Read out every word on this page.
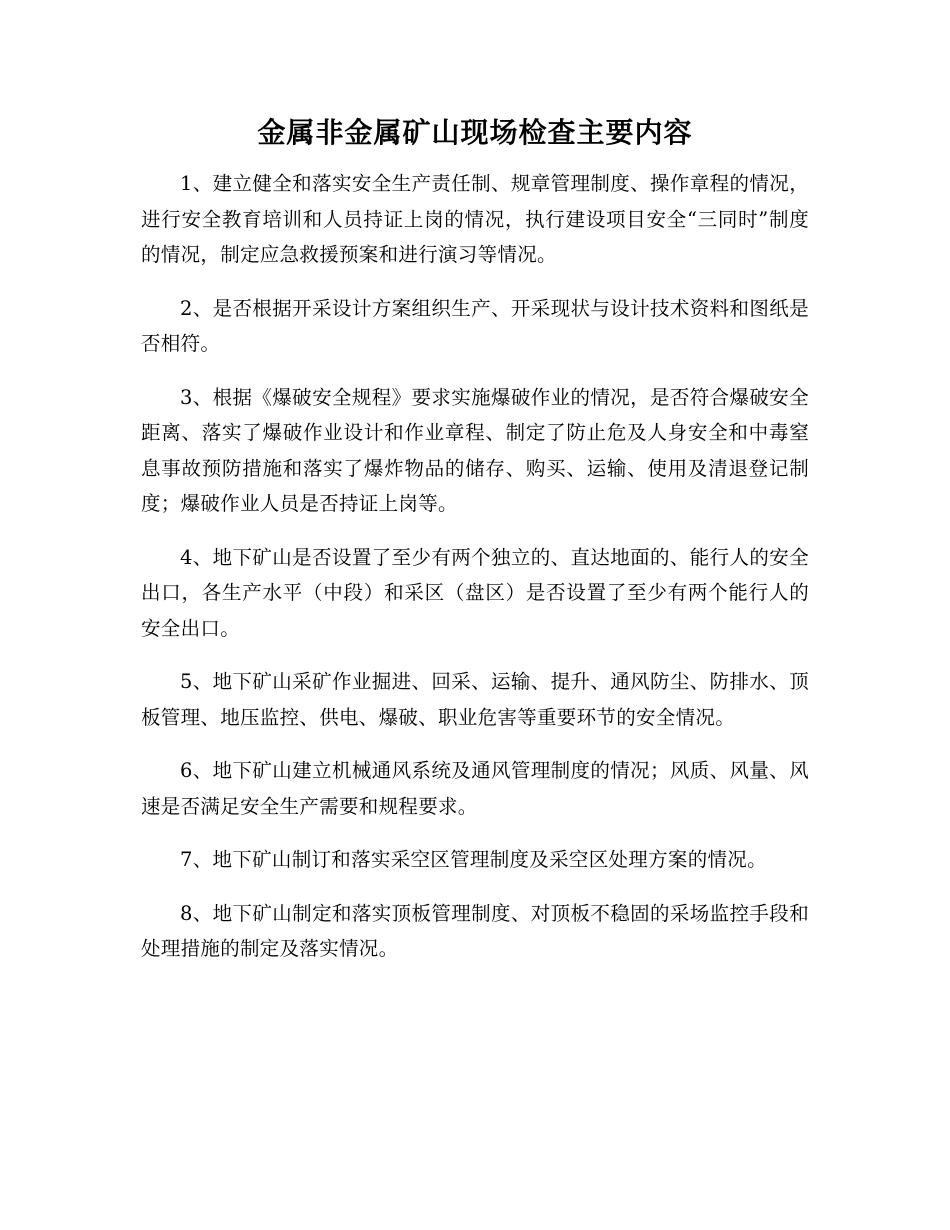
金属非金属矿山现场检查主要内容

1、建立健全和落实安全生产责任制、规章管理制度、操作章程的情况，进行安全教育培训和人员持证上岗的情况，执行建设项目安全“三同时”制度的情况，制定应急救援预案和进行演习等情况。

2、是否根据开采设计方案组织生产、开采现状与设计技术资料和图纸是否相符。

3、根据《爆破安全规程》要求实施爆破作业的情况，是否符合爆破安全距离、落实了爆破作业设计和作业章程、制定了防止危及人身安全和中毒窒息事故预防措施和落实了爆炸物品的储存、购买、运输、使用及清退登记制度；爆破作业人员是否持证上岗等。

4、地下矿山是否设置了至少有两个独立的、直达地面的、能行人的安全出口，各生产水平（中段）和采区（盘区）是否设置了至少有两个能行人的安全出口。

5、地下矿山采矿作业掘进、回采、运输、提升、通风防尘、防排水、顶板管理、地压监控、供电、爆破、职业危害等重要环节的安全情况。

6、地下矿山建立机械通风系统及通风管理制度的情况；风质、风量、风速是否满足安全生产需要和规程要求。

7、地下矿山制订和落实采空区管理制度及采空区处理方案的情况。

8、地下矿山制定和落实顶板管理制度、对顶板不稳固的采场监控手段和处理措施的制定及落实情况。
